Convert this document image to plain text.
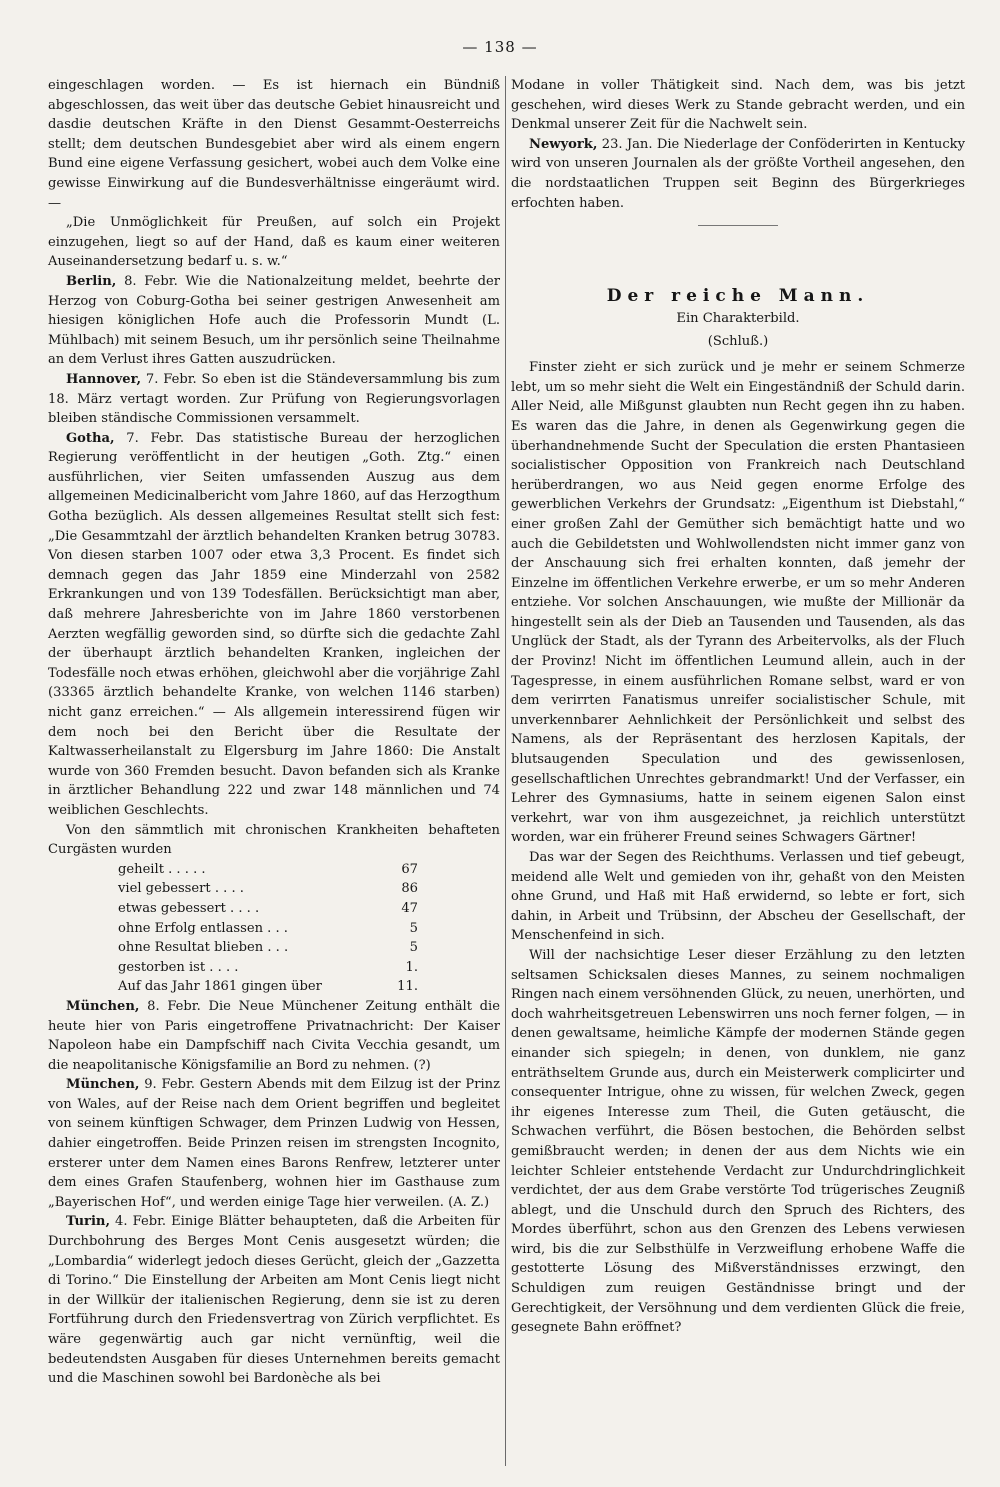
— 138 —

eingeschlagen worden. — Es ist hiernach ein Bündniß abgeschlossen, das weit über das deutsche Gebiet hinausreicht und dasdie deutschen Kräfte in den Dienst Gesammt-Oesterreichs stellt; dem deutschen Bundesgebiet aber wird als einem engern Bund eine eigene Verfassung gesichert, wobei auch dem Volke eine gewisse Einwirkung auf die Bundesverhältnisse eingeräumt wird. —

„Die Unmöglichkeit für Preußen, auf solch ein Projekt einzugehen, liegt so auf der Hand, daß es kaum einer weiteren Auseinandersetzung bedarf u. s. w.“

Berlin, 8. Febr. Wie die Nationalzeitung meldet, beehrte der Herzog von Coburg-Gotha bei seiner gestrigen Anwesenheit am hiesigen königlichen Hofe auch die Professorin Mundt (L. Mühlbach) mit seinem Besuch, um ihr persönlich seine Theilnahme an dem Verlust ihres Gatten auszudrücken.

Hannover, 7. Febr. So eben ist die Ständeversammlung bis zum 18. März vertagt worden. Zur Prüfung von Regierungsvorlagen bleiben ständische Commissionen versammelt.

Gotha, 7. Febr. Das statistische Bureau der herzoglichen Regierung veröffentlicht in der heutigen „Goth. Ztg.“ einen ausführlichen, vier Seiten umfassenden Auszug aus dem allgemeinen Medicinalbericht vom Jahre 1860, auf das Herzogthum Gotha bezüglich. Als dessen allgemeines Resultat stellt sich fest: „Die Gesammtzahl der ärztlich behandelten Kranken betrug 30783. Von diesen starben 1007 oder etwa 3,3 Procent. Es findet sich demnach gegen das Jahr 1859 eine Minderzahl von 2582 Erkrankungen und von 139 Todesfällen. Berücksichtigt man aber, daß mehrere Jahresberichte von im Jahre 1860 verstorbenen Aerzten wegfällig geworden sind, so dürfte sich die gedachte Zahl der überhaupt ärztlich behandelten Kranken, ingleichen der Todesfälle noch etwas erhöhen, gleichwohl aber die vorjährige Zahl (33365 ärztlich behandelte Kranke, von welchen 1146 starben) nicht ganz erreichen.“ — Als allgemein interessirend fügen wir dem noch bei den Bericht über die Resultate der Kaltwasserheilanstalt zu Elgersburg im Jahre 1860: Die Anstalt wurde von 360 Fremden besucht. Davon befanden sich als Kranke in ärztlicher Behandlung 222 und zwar 148 männlichen und 74 weiblichen Geschlechts.

Von den sämmtlich mit chronischen Krankheiten behafteten Curgästen wurden

geheilt . . . . .	67
viel gebessert . . . .	86
etwas gebessert . . . .	47
ohne Erfolg entlassen . . .	5
ohne Resultat blieben . . .	5
gestorben ist . . . .	1.
Auf das Jahr 1861 gingen über	11.

München, 8. Febr. Die Neue Münchener Zeitung enthält die heute hier von Paris eingetroffene Privatnachricht: Der Kaiser Napoleon habe ein Dampfschiff nach Civita Vecchia gesandt, um die neapolitanische Königsfamilie an Bord zu nehmen. (?)

München, 9. Febr. Gestern Abends mit dem Eilzug ist der Prinz von Wales, auf der Reise nach dem Orient begriffen und begleitet von seinem künftigen Schwager, dem Prinzen Ludwig von Hessen, dahier eingetroffen. Beide Prinzen reisen im strengsten Incognito, ersterer unter dem Namen eines Barons Renfrew, letzterer unter dem eines Grafen Staufenberg, wohnen hier im Gasthause zum „Bayerischen Hof“, und werden einige Tage hier verweilen. (A. Z.)

Turin, 4. Febr. Einige Blätter behaupteten, daß die Arbeiten für Durchbohrung des Berges Mont Cenis ausgesetzt würden; die „Lombardia“ widerlegt jedoch dieses Gerücht, gleich der „Gazzetta di Torino.“ Die Einstellung der Arbeiten am Mont Cenis liegt nicht in der Willkür der italienischen Regierung, denn sie ist zu deren Fortführung durch den Friedensvertrag von Zürich verpflichtet. Es wäre gegenwärtig auch gar nicht vernünftig, weil die bedeutendsten Ausgaben für dieses Unternehmen bereits gemacht und die Maschinen sowohl bei Bardonèche als bei

Modane in voller Thätigkeit sind. Nach dem, was bis jetzt geschehen, wird dieses Werk zu Stande gebracht werden, und ein Denkmal unserer Zeit für die Nachwelt sein.

Newyork, 23. Jan. Die Niederlage der Conföderirten in Kentucky wird von unseren Journalen als der größte Vortheil angesehen, den die nordstaatlichen Truppen seit Beginn des Bürgerkrieges erfochten haben.

Der reiche Mann.
Ein Charakterbild.
(Schluß.)

Finster zieht er sich zurück und je mehr er seinem Schmerze lebt, um so mehr sieht die Welt ein Eingeständniß der Schuld darin. Aller Neid, alle Mißgunst glaubten nun Recht gegen ihn zu haben. Es waren das die Jahre, in denen als Gegenwirkung gegen die überhandnehmende Sucht der Speculation die ersten Phantasieen socialistischer Opposition von Frankreich nach Deutschland herüberdrangen, wo aus Neid gegen enorme Erfolge des gewerblichen Verkehrs der Grundsatz: „Eigenthum ist Diebstahl,“ einer großen Zahl der Gemüther sich bemächtigt hatte und wo auch die Gebildetsten und Wohlwollendsten nicht immer ganz von der Anschauung sich frei erhalten konnten, daß jemehr der Einzelne im öffentlichen Verkehre erwerbe, er um so mehr Anderen entziehe. Vor solchen Anschauungen, wie mußte der Millionär da hingestellt sein als der Dieb an Tausenden und Tausenden, als das Unglück der Stadt, als der Tyrann des Arbeitervolks, als der Fluch der Provinz! Nicht im öffentlichen Leumund allein, auch in der Tagespresse, in einem ausführlichen Romane selbst, ward er von dem verirrten Fanatismus unreifer socialistischer Schule, mit unverkennbarer Aehnlichkeit der Persönlichkeit und selbst des Namens, als der Repräsentant des herzlosen Kapitals, der blutsaugenden Speculation und des gewissenlosen, gesellschaftlichen Unrechtes gebrandmarkt! Und der Verfasser, ein Lehrer des Gymnasiums, hatte in seinem eigenen Salon einst verkehrt, war von ihm ausgezeichnet, ja reichlich unterstützt worden, war ein früherer Freund seines Schwagers Gärtner!

Das war der Segen des Reichthums. Verlassen und tief gebeugt, meidend alle Welt und gemieden von ihr, gehaßt von den Meisten ohne Grund, und Haß mit Haß erwidernd, so lebte er fort, sich dahin, in Arbeit und Trübsinn, der Abscheu der Gesellschaft, der Menschenfeind in sich.

Will der nachsichtige Leser dieser Erzählung zu den letzten seltsamen Schicksalen dieses Mannes, zu seinem nochmaligen Ringen nach einem versöhnenden Glück, zu neuen, unerhörten, und doch wahrheitsgetreuen Lebenswirren uns noch ferner folgen, — in denen gewaltsame, heimliche Kämpfe der modernen Stände gegen einander sich spiegeln; in denen, von dunklem, nie ganz enträthseltem Grunde aus, durch ein Meisterwerk complicirter und consequenter Intrigue, ohne zu wissen, für welchen Zweck, gegen ihr eigenes Interesse zum Theil, die Guten getäuscht, die Schwachen verführt, die Bösen bestochen, die Behörden selbst gemißbraucht werden; in denen der aus dem Nichts wie ein leichter Schleier entstehende Verdacht zur Undurchdringlichkeit verdichtet, der aus dem Grabe verstörte Tod trügerisches Zeugniß ablegt, und die Unschuld durch den Spruch des Richters, des Mordes überführt, schon aus den Grenzen des Lebens verwiesen wird, bis die zur Selbsthülfe in Verzweiflung erhobene Waffe die gestotterte Lösung des Mißverständnisses erzwingt, den Schuldigen zum reuigen Geständnisse bringt und der Gerechtigkeit, der Versöhnung und dem verdienten Glück die freie, gesegnete Bahn eröffnet?
